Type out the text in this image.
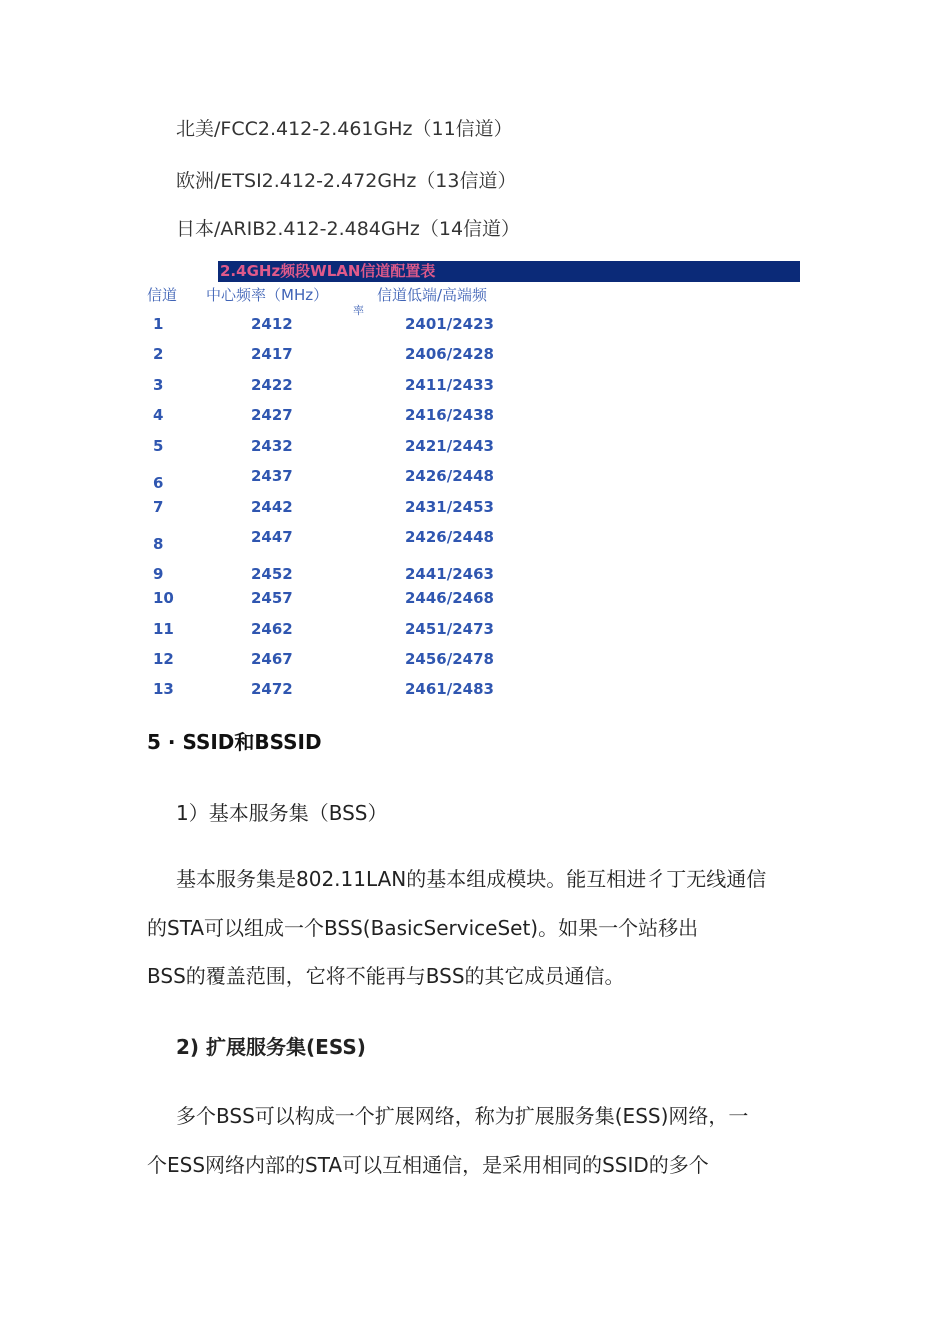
北美/FCC2.412-2.461GHz（11信道）
欧洲/ETSI2.412-2.472GHz（13信道）
日本/ARIB2.412-2.484GHz（14信道）
2.4GHz频段WLAN信道配置表
信道 中心频率（MHz）	信道低端/高端频
率
1	2412	2401/2423
2	2417	2406/2428
3	2422	2411/2433
4	2427	2416/2438
5	2432	2421/2443
6	2437	2426/2448
7	2442	2431/2453
8	2447	2426/2448
9	2452	2441/2463
10	2457	2446/2468
11	2462	2451/2473
12	2467	2456/2478
13	2472	2461/2483
5 · SSID和BSSID
1）基本服务集（BSS）
基本服务集是802.11LAN的基本组成模块。能互相进彳丁无线通信
的STA可以组成一个BSS(BasicServiceSet)。如果一个站移出
BSS的覆盖范围，它将不能再与BSS的其它成员通信。
2) 扩展服务集(ESS)
多个BSS可以构成一个扩展网络，称为扩展服务集(ESS)网络，一
个ESS网络内部的STA可以互相通信，是采用相同的SSID的多个
